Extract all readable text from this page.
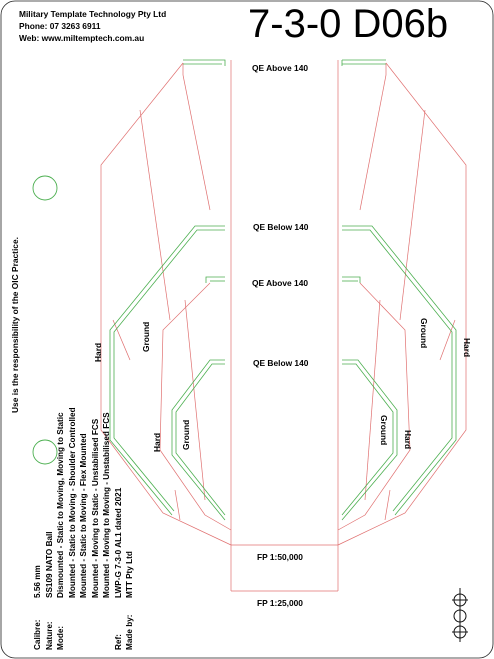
Military Template Technology Pty Ltd
Phone: 07 3263 6911
Web: www.miltemptech.com.au	7-3-0 D06b
QE Above 140
QE Below 140
QE Above 140
QE Below 140
FP 1:50,000
FP 1:25,000
Hard
Ground
Hard Ground
Ground	Hard
Ground Hard
Use is the responsibility of the OIC Practice.
Calibre:
5.56 mm
Nature:
SS109 NATO Ball
Mode:
Dismounted - Static to Moving, Moving to Static Mounted - Static to Moving - Shoulder Controlled Mounted - Static to Moving - Flex Mounted Mounted - Moving to Static - Unstabilised FCS Mounted - Moving to Moving - Unstabilised FCS
Ref:
LWP-G 7-3-0 AL1 dated 2021
Made by:
MTT Pty Ltd
